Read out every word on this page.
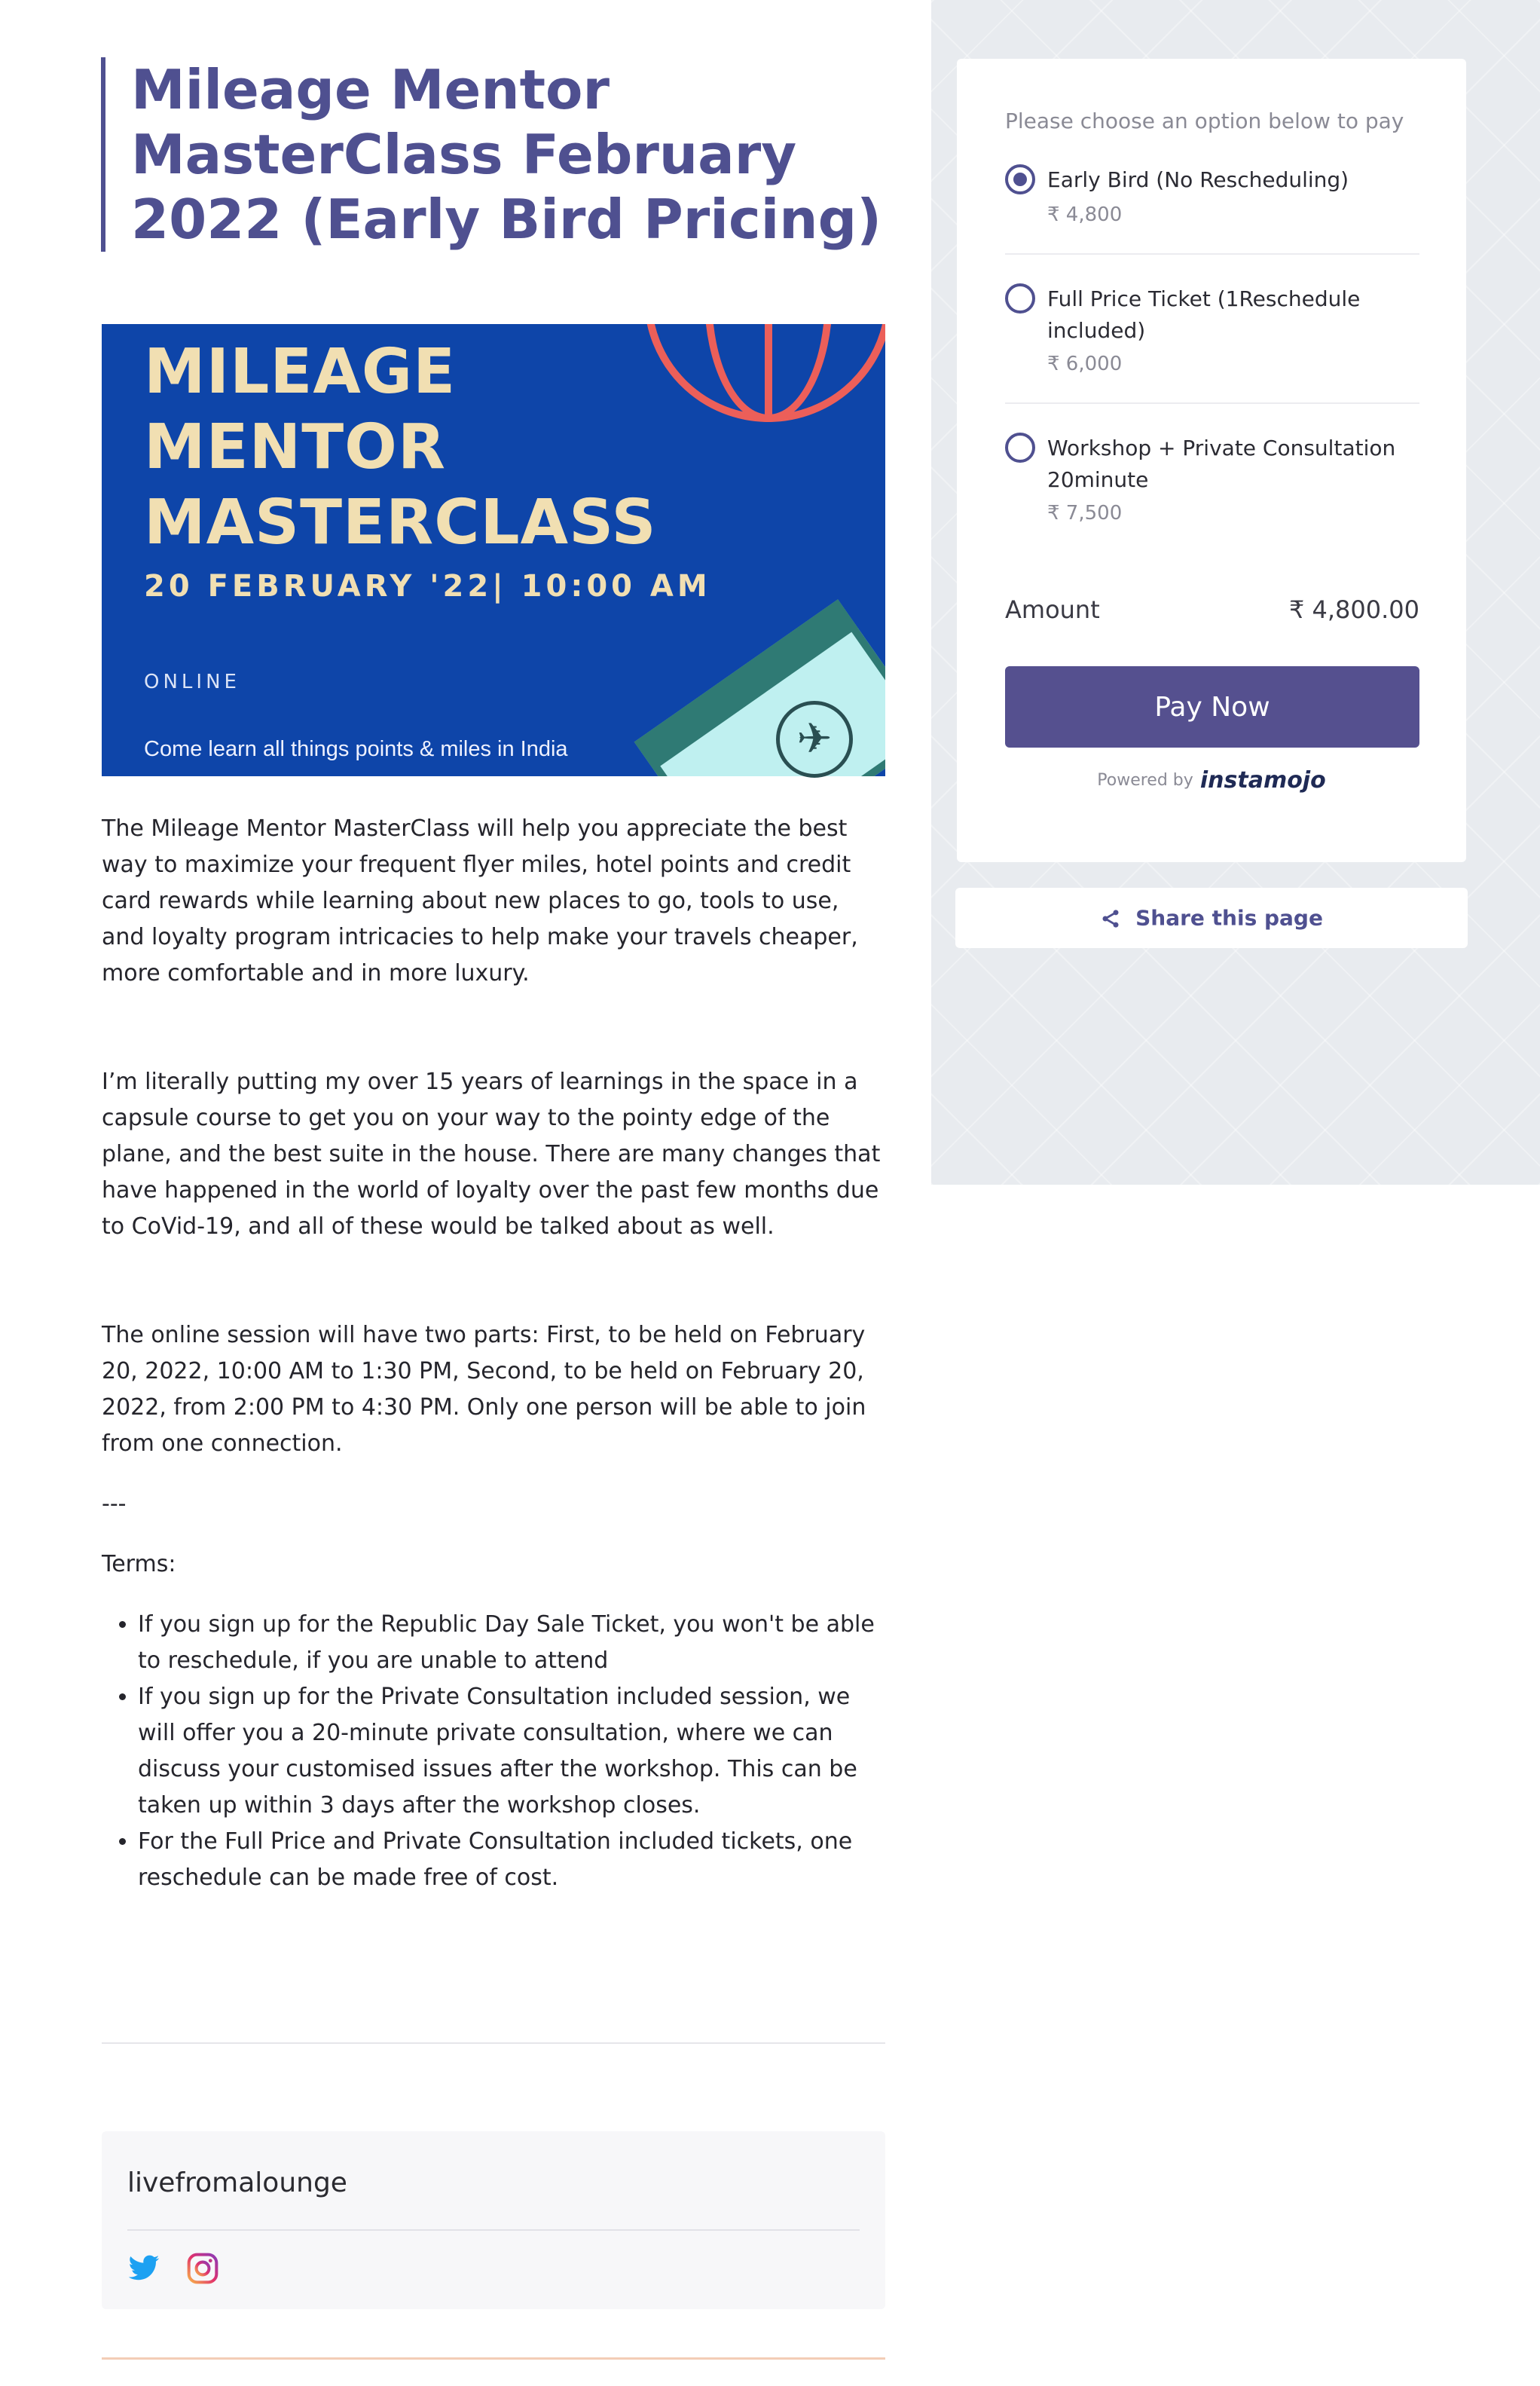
Mileage Mentor MasterClass February 2022 (Early Bird Pricing)
MILEAGE MENTOR MASTERCLASS
20 FEBRUARY '22| 10:00 AM
ONLINE
Come learn all things points & miles in India	✈

The Mileage Mentor MasterClass will help you appreciate the best way to maximize your frequent flyer miles, hotel points and credit card rewards while learning about new places to go, tools to use, and loyalty program intricacies to help make your travels cheaper, more comfortable and in more luxury.

I’m literally putting my over 15 years of learnings in the space in a capsule course to get you on your way to the pointy edge of the plane, and the best suite in the house. There are many changes that have happened in the world of loyalty over the past few months due to CoVid-19, and all of these would be talked about as well.

The online session will have two parts: First, to be held on February 20, 2022, 10:00 AM to 1:30 PM, Second, to be held on February 20, 2022, from 2:00 PM to 4:30 PM. Only one person will be able to join from one connection.

---

Terms:

• If you sign up for the Republic Day Sale Ticket, you won't be able to reschedule, if you are unable to attend
• If you sign up for the Private Consultation included session, we will offer you a 20-minute private consultation, where we can discuss your customised issues after the workshop. This can be taken up within 3 days after the workshop closes.
• For the Full Price and Private Consultation included tickets, one reschedule can be made free of cost.
livefromalounge
Please choose an option below to pay
Early Bird (No Rescheduling)
₹ 4,800
Full Price Ticket (1Reschedule included)
₹ 6,000
Workshop + Private Consultation 20minute
₹ 7,500
Amount	₹ 4,800.00
Pay Now
Powered by instamojo
Share this page
